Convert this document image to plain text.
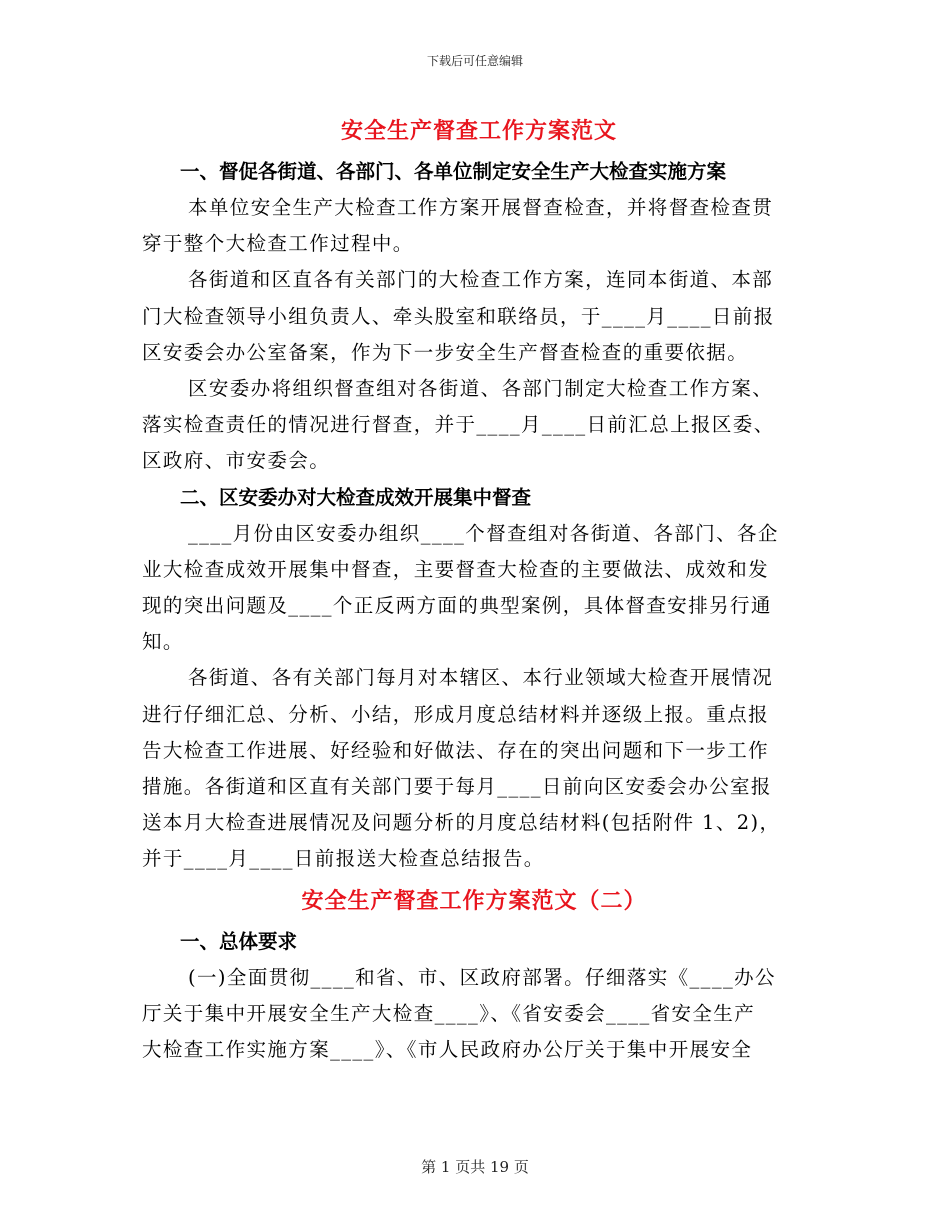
下载后可任意编辑
安全生产督查工作方案范文
一、督促各街道、各部门、各单位制定安全生产大检查实施方案

本单位安全生产大检查工作方案开展督查检查，并将督查检查贯
穿于整个大检查工作过程中。

各街道和区直各有关部门的大检查工作方案，连同本街道、本部
门大检查领导小组负责人、牵头股室和联络员，于____月____日前报
区安委会办公室备案，作为下一步安全生产督查检查的重要依据。

区安委办将组织督查组对各街道、各部门制定大检查工作方案、
落实检查责任的情况进行督查，并于____月____日前汇总上报区委、
区政府、市安委会。

二、区安委办对大检查成效开展集中督查

____月份由区安委办组织____个督查组对各街道、各部门、各企
业大检查成效开展集中督查，主要督查大检查的主要做法、成效和发
现的突出问题及____个正反两方面的典型案例，具体督查安排另行通
知。

各街道、各有关部门每月对本辖区、本行业领域大检查开展情况
进行仔细汇总、分析、小结，形成月度总结材料并逐级上报。重点报
告大检查工作进展、好经验和好做法、存在的突出问题和下一步工作
措施。各街道和区直有关部门要于每月____日前向区安委会办公室报
送本月大检查进展情况及问题分析的月度总结材料(包括附件 1、2)，
并于____月____日前报送大检查总结报告。

安全生产督查工作方案范文（二）
一、总体要求

(一)全面贯彻____和省、市、区政府部署。仔细落实《____办公
厅关于集中开展安全生产大检查____》、《省安委会____省安全生产
大检查工作实施方案____》、《市人民政府办公厅关于集中开展安全

第 1 页共 19 页
